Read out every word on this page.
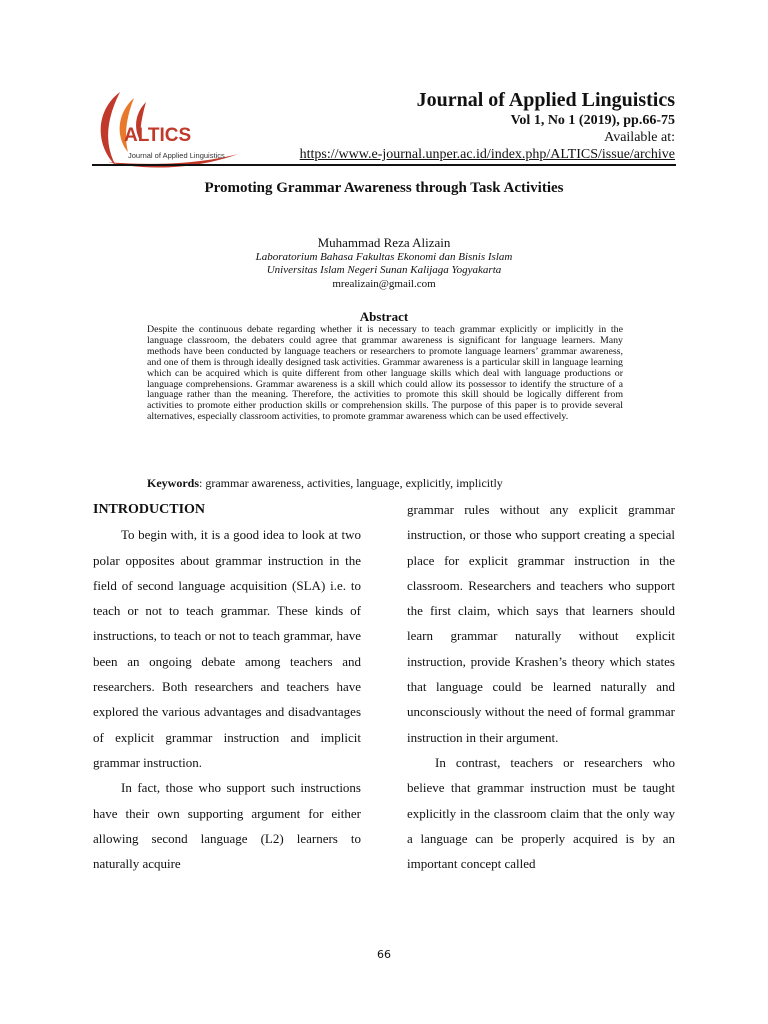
ALTICS
Journal of Applied Linguistics
Journal of Applied Linguistics
Vol 1, No 1 (2019), pp.66-75
Available at:
https://www.e-journal.unper.ac.id/index.php/ALTICS/issue/archive
Promoting Grammar Awareness through Task Activities
Muhammad Reza Alizain
Laboratorium Bahasa Fakultas Ekonomi dan Bisnis Islam
Universitas Islam Negeri Sunan Kalijaga Yogyakarta
mrealizain@gmail.com
Abstract
Despite the continuous debate regarding whether it is necessary to teach grammar explicitly or implicitly in the language classroom, the debaters could agree that grammar awareness is significant for language learners. Many methods have been conducted by language teachers or researchers to promote language learners’ grammar awareness, and one of them is through ideally designed task activities. Grammar awareness is a particular skill in language learning which can be acquired which is quite different from other language skills which deal with language productions or language comprehensions. Grammar awareness is a skill which could allow its possessor to identify the structure of a language rather than the meaning. Therefore, the activities to promote this skill should be logically different from activities to promote either production skills or comprehension skills. The purpose of this paper is to provide several alternatives, especially classroom activities, to promote grammar awareness which can be used effectively.
Keywords: grammar awareness, activities, language, explicitly, implicitly
INTRODUCTION

To begin with, it is a good idea to look at two polar opposites about grammar instruction in the field of second language acquisition (SLA) i.e. to teach or not to teach grammar. These kinds of instructions, to teach or not to teach grammar, have been an ongoing debate among teachers and researchers. Both researchers and teachers have explored the various advantages and disadvantages of explicit grammar instruction and implicit grammar instruction.

In fact, those who support such instructions have their own supporting argument for either allowing second language (L2) learners to naturally acquire

grammar rules without any explicit grammar instruction, or those who support creating a special place for explicit grammar instruction in the classroom. Researchers and teachers who support the first claim, which says that learners should learn grammar naturally without explicit instruction, provide Krashen’s theory which states that language could be learned naturally and unconsciously without the need of formal grammar instruction in their argument.

In contrast, teachers or researchers who believe that grammar instruction must be taught explicitly in the classroom claim that the only way a language can be properly acquired is by an important concept called

66
